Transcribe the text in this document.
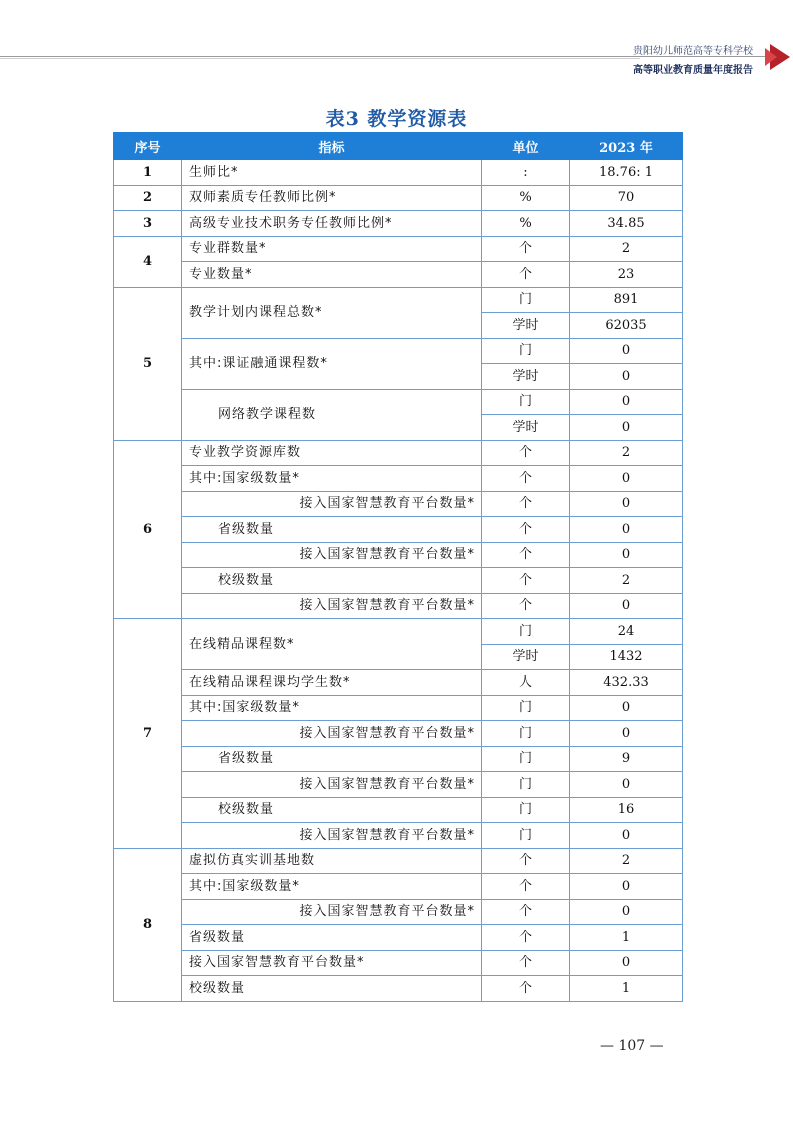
贵阳幼儿师范高等专科学校
高等职业教育质量年度报告
表3 教学资源表
序号	指标	单位	2023 年
1	生师比*	:	18.76: 1
2	双师素质专任教师比例*	%	70
3	高级专业技术职务专任教师比例*	%	34.85
4	专业群数量*	个	2
	专业数量*	个	23
5	教学计划内课程总数*	门	891
		学时	62035
	其中:课证融通课程数*	门	0
		学时	0
	网络教学课程数	门	0
		学时	0
6	专业教学资源库数	个	2
	其中:国家级数量*	个	0
	接入国家智慧教育平台数量*	个	0
	省级数量	个	0
	接入国家智慧教育平台数量*	个	0
	校级数量	个	2
	接入国家智慧教育平台数量*	个	0
7	在线精品课程数*	门	24
		学时	1432
	在线精品课程课均学生数*	人	432.33
	其中:国家级数量*	门	0
	接入国家智慧教育平台数量*	门	0
	省级数量	门	9
	接入国家智慧教育平台数量*	门	0
	校级数量	门	16
	接入国家智慧教育平台数量*	门	0
8	虚拟仿真实训基地数	个	2
	其中:国家级数量*	个	0
	接入国家智慧教育平台数量*	个	0
	省级数量	个	1
	接入国家智慧教育平台数量*	个	0
	校级数量	个	1
— 107 —
